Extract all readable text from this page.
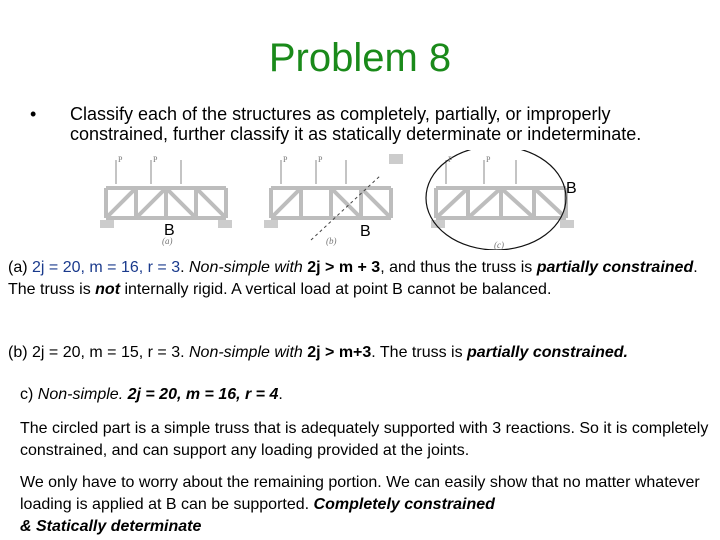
Problem 8
• Classify each of the structures as completely, partially, or improperly constrained, further classify it as statically determinate or indeterminate.
P	P	P	P	P	P
(a)	(b)	(c)
B	B
B
(a) 2j = 20, m = 16, r = 3. Non-simple with 2j > m + 3, and thus the truss is partially constrained. The truss is not internally rigid. A vertical load at point B cannot be balanced.
(b) 2j = 20, m = 15, r = 3. Non-simple with 2j > m+3. The truss is partially constrained.
c) Non-simple. 2j = 20, m = 16, r = 4.
The circled part is a simple truss that is adequately supported with 3 reactions. So it is completely constrained, and can support any loading provided at the joints.
We only have to worry about the remaining portion. We can easily show that no matter whatever loading is applied at B can be supported. Completely constrained
& Statically determinate
